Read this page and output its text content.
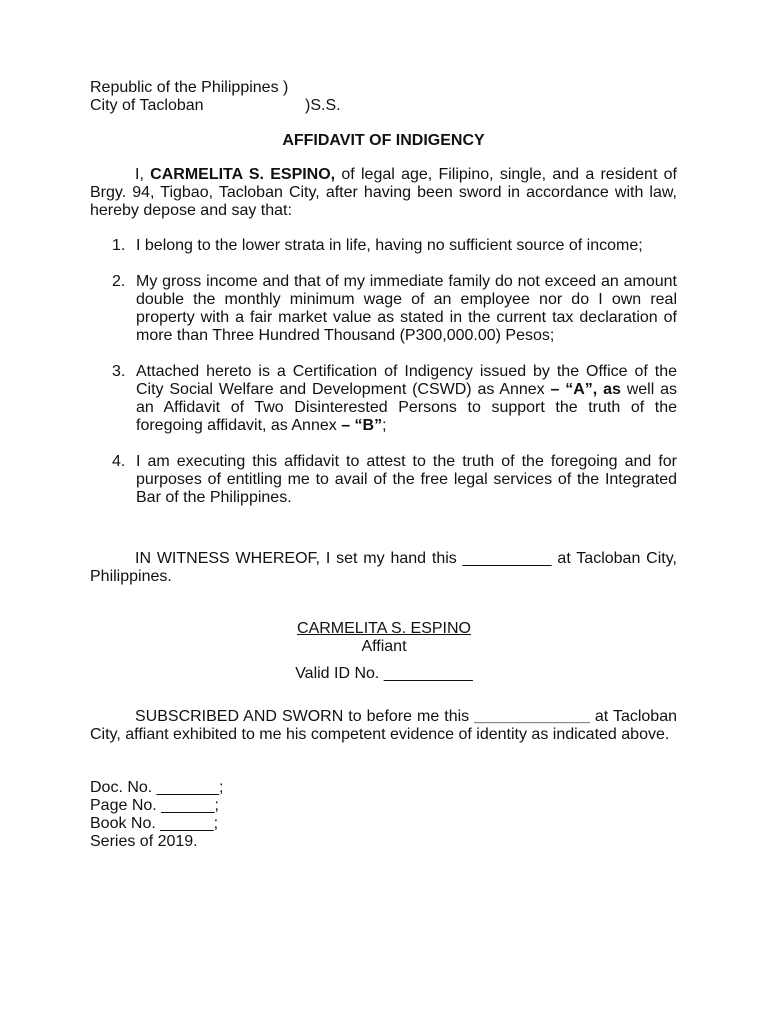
Republic of the Philippines )
City of Tacloban	)S.S.
AFFIDAVIT OF INDIGENCY
I, CARMELITA S. ESPINO, of legal age, Filipino, single, and a resident of Brgy. 94, Tigbao, Tacloban City, after having been sword in accordance with law, hereby depose and say that:
1. I belong to the lower strata in life, having no sufficient source of income;
2. My gross income and that of my immediate family do not exceed an amount double the monthly minimum wage of an employee nor do I own real property with a fair market value as stated in the current tax declaration of more than Three Hundred Thousand (P300,000.00) Pesos;
3. Attached hereto is a Certification of Indigency issued by the Office of the City Social Welfare and Development (CSWD) as Annex – “A”, as well as an Affidavit of Two Disinterested Persons to support the truth of the foregoing affidavit, as Annex – “B”;
4. I am executing this affidavit to attest to the truth of the foregoing and for purposes of entitling me to avail of the free legal services of the Integrated Bar of the Philippines.
IN WITNESS WHEREOF, I set my hand this __________ at Tacloban City, Philippines.
CARMELITA S. ESPINO
Affiant
Valid ID No. __________
SUBSCRIBED AND SWORN to before me this _____________ at Tacloban City, affiant exhibited to me his competent evidence of identity as indicated above.
Doc. No. _______;
Page No. ______;
Book No. ______;
Series of 2019.
